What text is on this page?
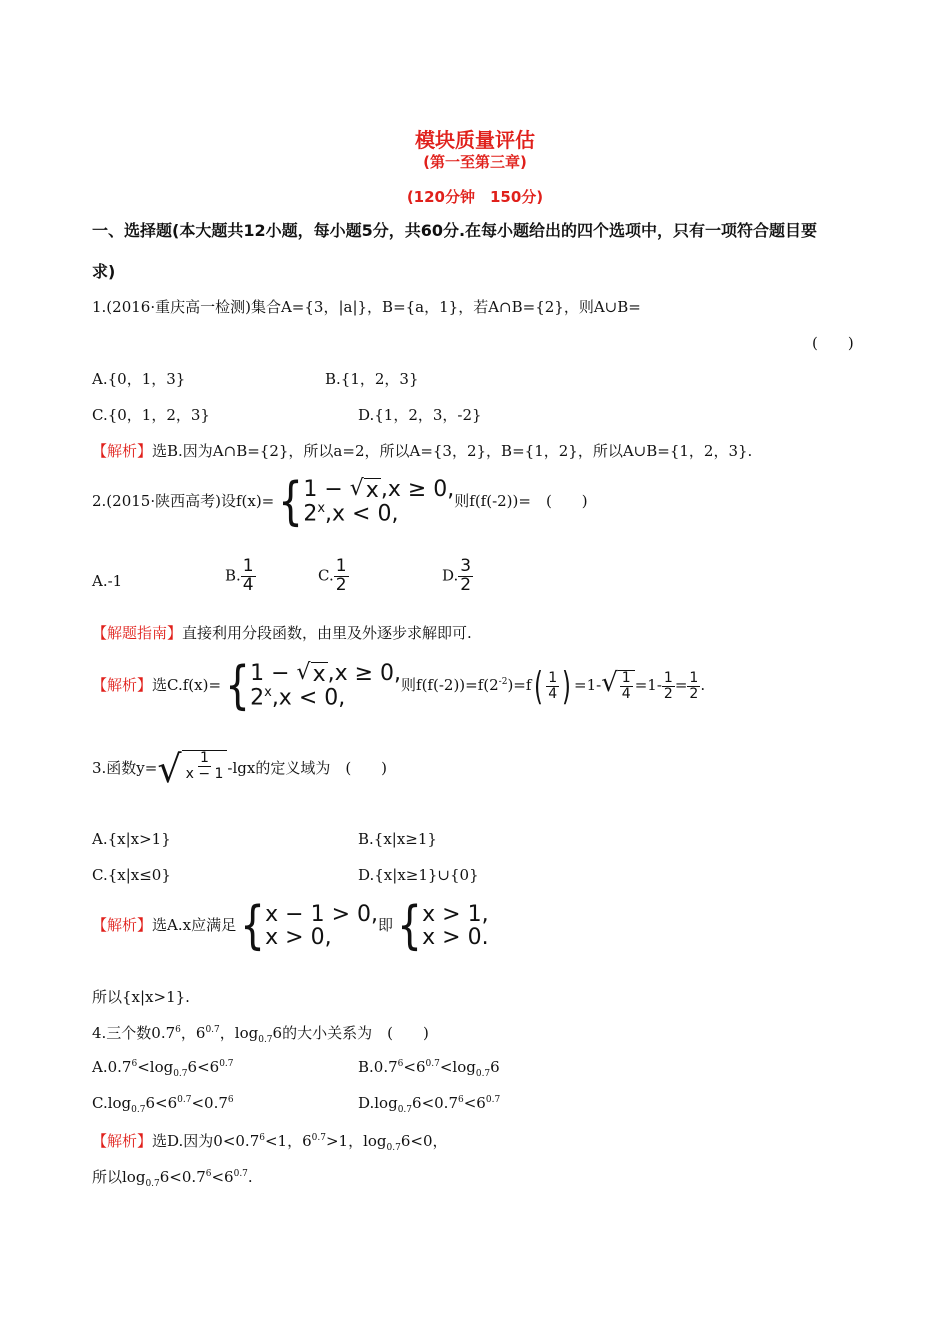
模块质量评估
(第一至第三章)
(120分钟　150分)
一、选择题(本大题共12小题，每小题5分，共60分.在每小题给出的四个选项中，只有一项符合题目要
求)
1.(2016·重庆高一检测)集合A={3，|a|}，B={a，1}，若A∩B={2}，则A∪B=
(　　)
A.{0，1，3}	B.{1，2，3}
C.{0，1，2，3}	D.{1，2，3，-2}
【解析】选B.因为A∩B={2}，所以a=2，所以A={3，2}，B={1，2}，所以A∪B={1，2，3}.
2.(2015·陕西高考)设f(x)={ 1 − √ x ,x ≥ 0,
$2^x,x < 0$,
则f(f(-2))=　(　　)
A.-1	B. $\frac{1}{4}$	C. $\frac{1}{2}$	D. $\frac{3}{2}$
【解题指南】直接利用分段函数，由里及外逐步求解即可.
【解析】选C.f(x)={ 1 − √ x ,x ≥ 0,
$2^x,x < 0$,
则$f(f(-2))=f(2^{-2})=f( \frac{1}{4}$ ) =1- √ $\frac{1}{4} =1- \frac{1}{2} = \frac{1}{2}$ .
3.函数y= √ $\frac{1}{x - 1} -\lg x$的定义域为　(　　)
A.{x|x>1}	B.{x|x≥1}
C.{x|x≤0}	D.{x|x≥1}∪{0}
【解析】选A.x应满足{ x − 1 > 0,
x > 0,	即{ x > 1,
x > 0.
所以{x|x>1}.
4.三个数$0.7^6$，$6^{0.7}$，$\log_{0.7}6$的大小关系为　(　　)
$A.0.7^6<\log_{0.7}6<6^{0.7}$	$B.0.7^6<6^{0.7}<\log_{0.7}6$
$C.\log_{0.7}6<6^{0.7}<0.7^6$	$D.\log_{0.7}6<0.7^6<6^{0.7}$
【解析】选D.因为$0<0.7^6<1$，$6^{0.7}>1$，$\log_{0.7}6<0$，
所以$\log_{0.7}6<0.7^6<6^{0.7}$.
